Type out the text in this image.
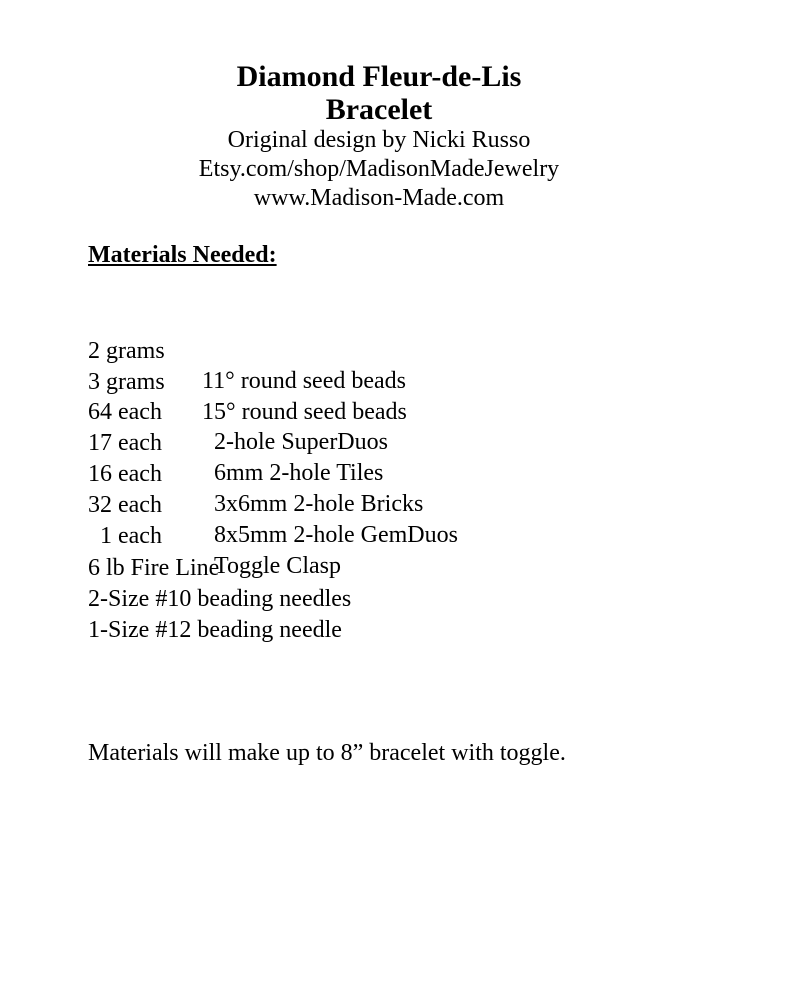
Diamond Fleur-de-Lis

Bracelet

Original design by Nicki Russo

Etsy.com/shop/MadisonMadeJewelry

www.Madison-Made.com

Materials Needed:

2 grams

11° round seed beads

3 grams

15° round seed beads

64 each

2-hole SuperDuos

17 each

6mm 2-hole Tiles

16 each

3x6mm 2-hole Bricks

32 each

8x5mm 2-hole GemDuos

1 each

Toggle Clasp

6 lb Fire Line
2-Size #10 beading needles
1-Size #12 beading needle
Materials will make up to 8” bracelet with toggle.
